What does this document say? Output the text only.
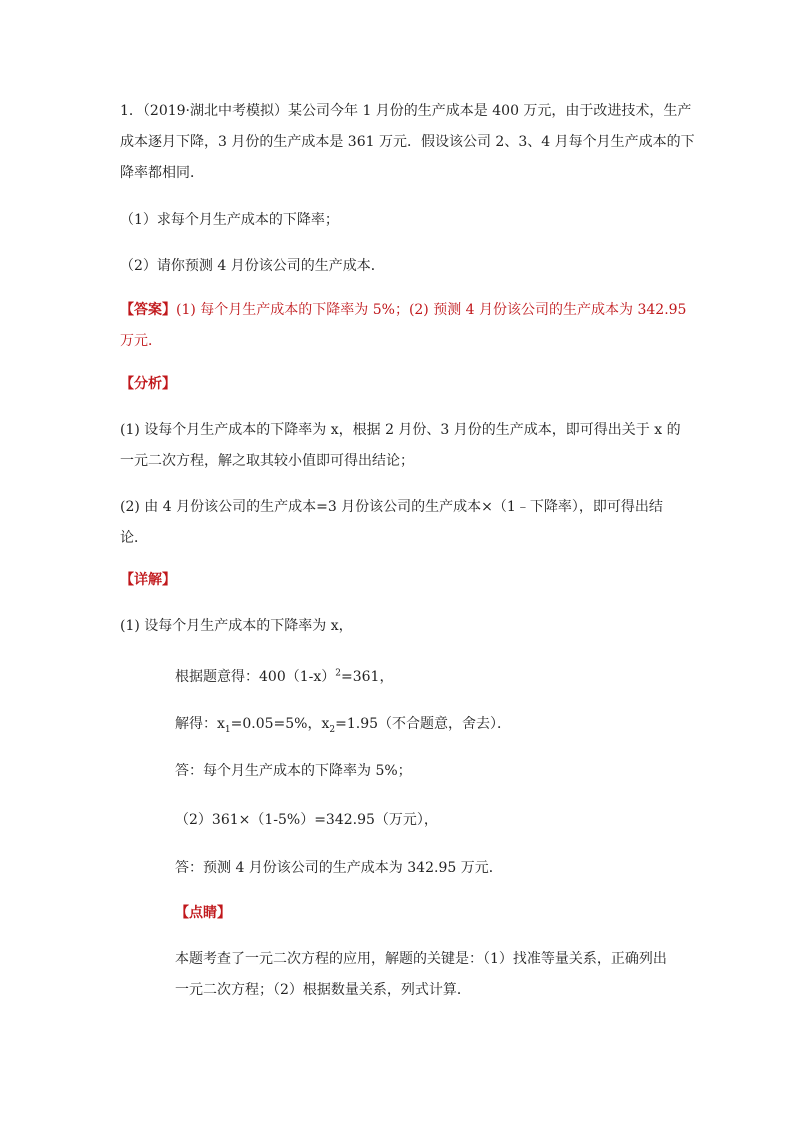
1．（2019·湖北中考模拟）某公司今年 1 月份的生产成本是 400 万元，由于改进技术，生产
成本逐月下降，3 月份的生产成本是 361 万元．假设该公司 2、3、4 月每个月生产成本的下
降率都相同．
（1）求每个月生产成本的下降率；
（2）请你预测 4 月份该公司的生产成本．
【答案】(1) 每个月生产成本的下降率为 5%；(2) 预测 4 月份该公司的生产成本为 342.95
万元．
【分析】
(1) 设每个月生产成本的下降率为 x，根据 2 月份、3 月份的生产成本，即可得出关于 x 的
一元二次方程，解之取其较小值即可得出结论；
(2) 由 4 月份该公司的生产成本=3 月份该公司的生产成本×（1﹣下降率），即可得出结
论．
【详解】
(1) 设每个月生产成本的下降率为 x，
根据题意得：$400(1-x)^2=361$，
解得：$x_1=0.05=5\%$，$x_2=1.95$（不合题意，舍去）．
答：每个月生产成本的下降率为 5%；
（2）361×（1-5%）=342.95（万元），
答：预测 4 月份该公司的生产成本为 342.95 万元．
【点睛】
本题考查了一元二次方程的应用，解题的关键是：（1）找准等量关系，正确列出
一元二次方程；（2）根据数量关系，列式计算．
